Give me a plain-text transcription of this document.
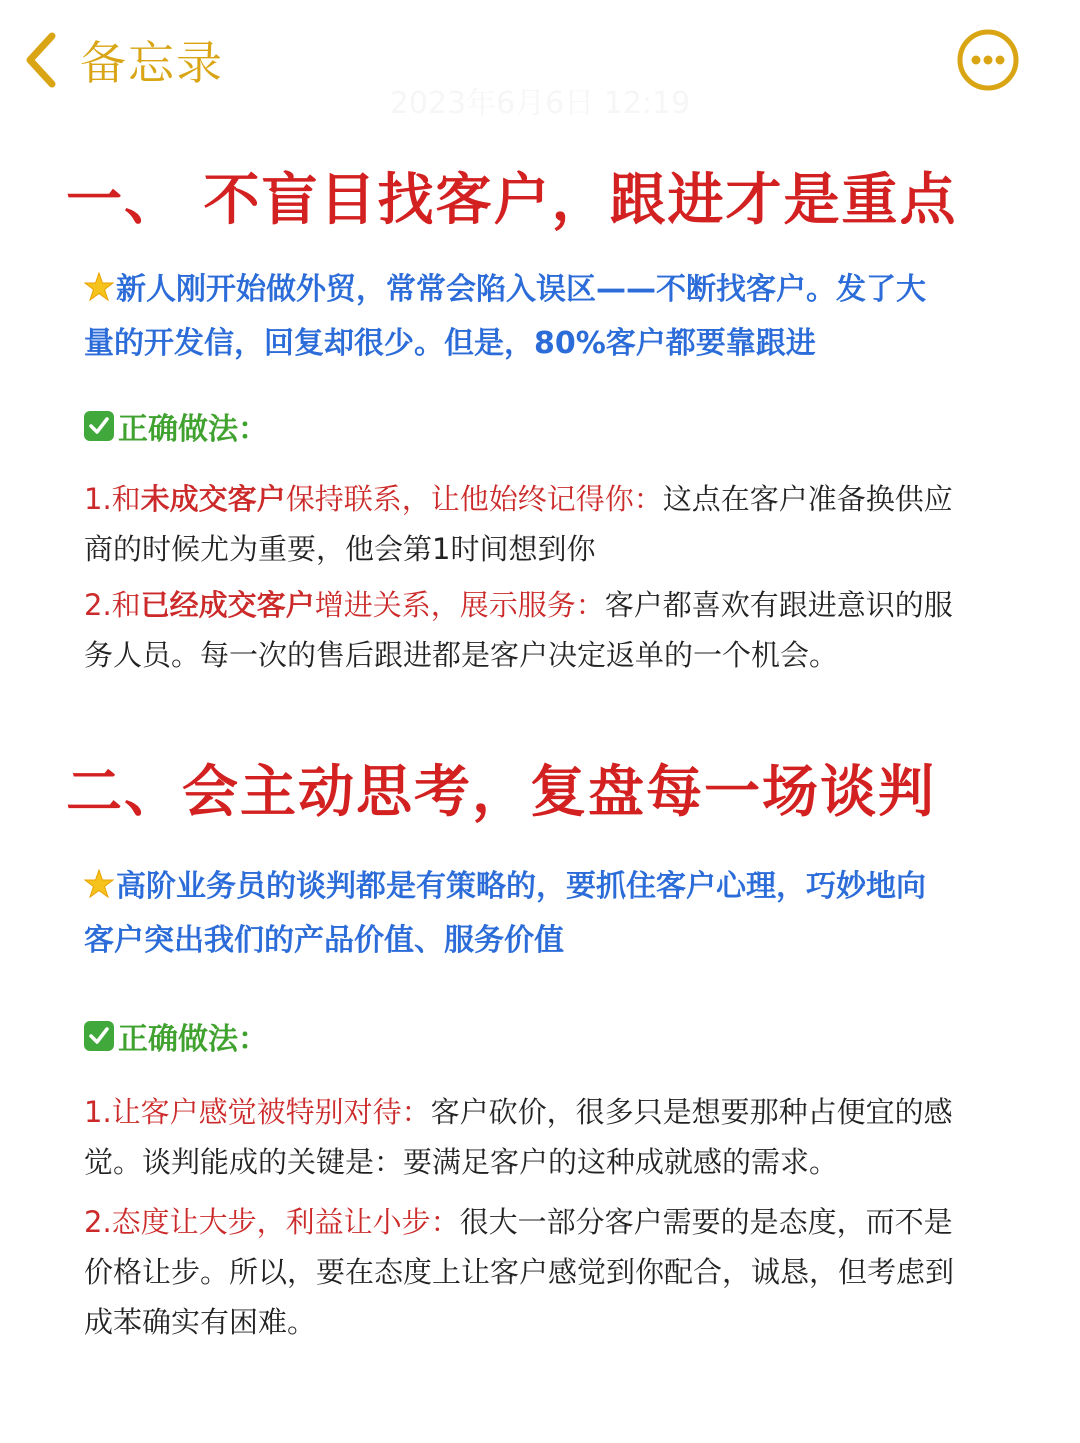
备忘录
2023年6月6日 12:19
一、 不盲目找客户，跟进才是重点
新人刚开始做外贸，常常会陷入误区——不断找客户。发了大量的开发信，回复却很少。但是，80%客户都要靠跟进
正确做法：
1.和未成交客户保持联系，让他始终记得你：这点在客户准备换供应商的时候尤为重要，他会第1时间想到你
2.和已经成交客户增进关系，展示服务：客户都喜欢有跟进意识的服务人员。每一次的售后跟进都是客户决定返单的一个机会。
二、会主动思考，复盘每一场谈判
高阶业务员的谈判都是有策略的，要抓住客户心理，巧妙地向客户突出我们的产品价值、服务价值
正确做法：
1.让客户感觉被特别对待：客户砍价，很多只是想要那种占便宜的感觉。谈判能成的关键是：要满足客户的这种成就感的需求。
2.态度让大步，利益让小步：很大一部分客户需要的是态度，而不是价格让步。所以，要在态度上让客户感觉到你配合，诚恳，但考虑到成苯确实有困难。
